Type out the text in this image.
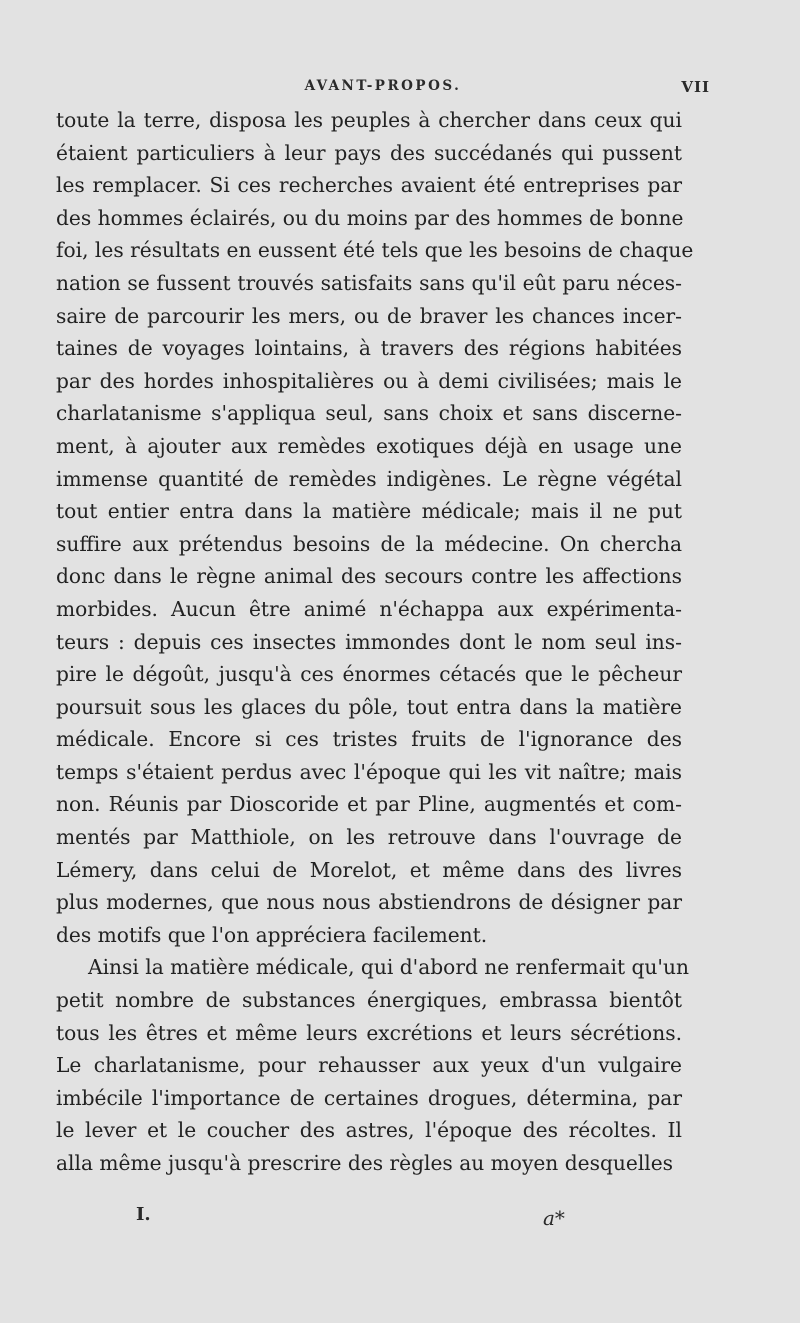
AVANT-PROPOS.	VII
toute la terre, disposa les peuples à chercher dans ceux qui
étaient particuliers à leur pays des succédanés qui pussent
les remplacer. Si ces recherches avaient été entreprises par
des hommes éclairés, ou du moins par des hommes de bonne
foi, les résultats en eussent été tels que les besoins de chaque
nation se fussent trouvés satisfaits sans qu'il eût paru néces-
saire de parcourir les mers, ou de braver les chances incer-
taines de voyages lointains, à travers des régions habitées
par des hordes inhospitalières ou à demi civilisées; mais le
charlatanisme s'appliqua seul, sans choix et sans discerne-
ment, à ajouter aux remèdes exotiques déjà en usage une
immense quantité de remèdes indigènes. Le règne végétal
tout entier entra dans la matière médicale; mais il ne put
suffire aux prétendus besoins de la médecine. On chercha
donc dans le règne animal des secours contre les affections
morbides. Aucun être animé n'échappa aux expérimenta-
teurs : depuis ces insectes immondes dont le nom seul ins-
pire le dégoût, jusqu'à ces énormes cétacés que le pêcheur
poursuit sous les glaces du pôle, tout entra dans la matière
médicale. Encore si ces tristes fruits de l'ignorance des
temps s'étaient perdus avec l'époque qui les vit naître; mais
non. Réunis par Dioscoride et par Pline, augmentés et com-
mentés par Matthiole, on les retrouve dans l'ouvrage de
Lémery, dans celui de Morelot, et même dans des livres
plus modernes, que nous nous abstiendrons de désigner par
des motifs que l'on appréciera facilement.
Ainsi la matière médicale, qui d'abord ne renfermait qu'un
petit nombre de substances énergiques, embrassa bientôt
tous les êtres et même leurs excrétions et leurs sécrétions.
Le charlatanisme, pour rehausser aux yeux d'un vulgaire
imbécile l'importance de certaines drogues, détermina, par
le lever et le coucher des astres, l'époque des récoltes. Il
alla même jusqu'à prescrire des règles au moyen desquelles
I.	a*
